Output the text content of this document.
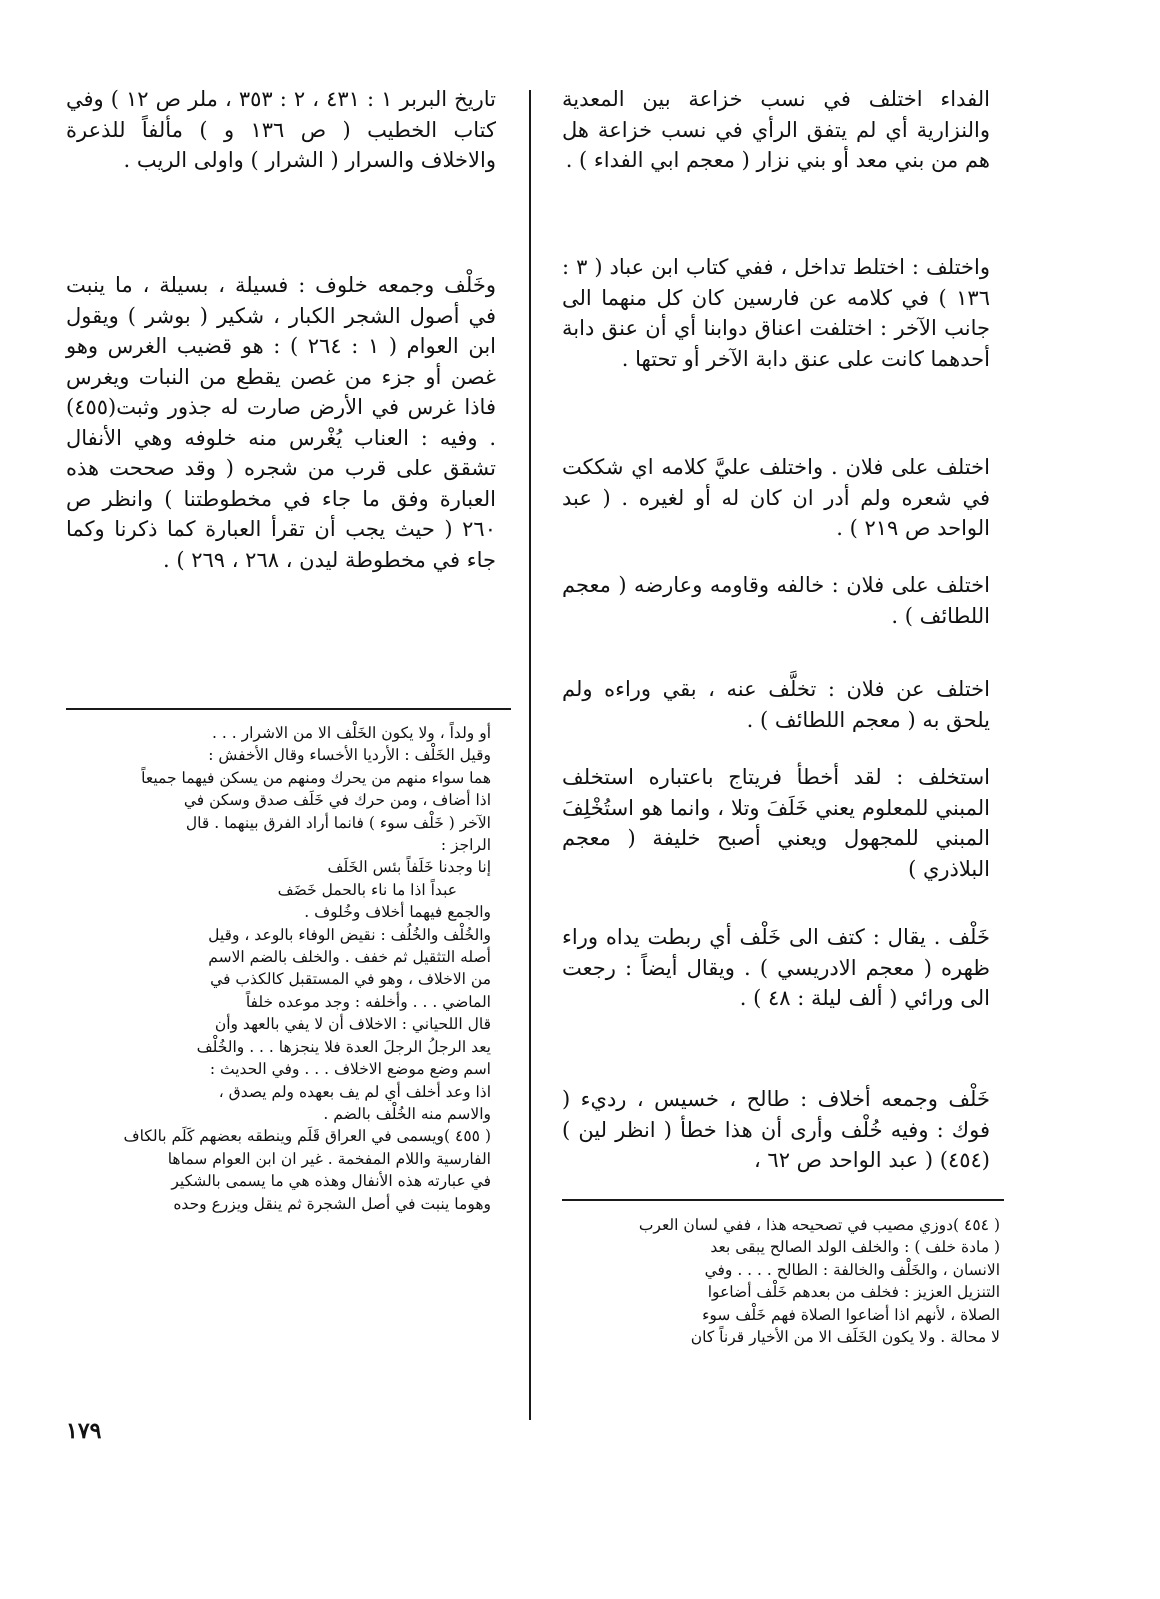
الفداء اختلف في نسب خزاعة بين المعدية والنزارية أي لم يتفق الرأي في نسب خزاعة هل هم من بني معد أو بني نزار ( معجم ابي الفداء ) .

واختلف : اختلط تداخل ، ففي كتاب ابن عباد ( ٣ : ١٣٦ ) في كلامه عن فارسين كان كل منهما الى جانب الآخر : اختلفت اعناق دوابنا أي أن عنق دابة أحدهما كانت على عنق دابة الآخر أو تحتها .

اختلف على فلان . واختلف عليَّ كلامه اي شككت في شعره ولم أدر ان كان له أو لغيره . ( عبد الواحد ص ٢١٩ ) .

اختلف على فلان : خالفه وقاومه وعارضه ( معجم اللطائف ) .

اختلف عن فلان : تخلَّف عنه ، بقي وراءه ولم يلحق به ( معجم اللطائف ) .

استخلف : لقد أخطأ فريتاج باعتباره استخلف المبني للمعلوم يعني خَلَفَ وتلا ، وانما هو استُخْلِفَ المبني للمجهول ويعني أصبح خليفة ( معجم البلاذري )

خَلْف . يقال : كتف الى خَلْف أي ربطت يداه وراء ظهره ( معجم الادريسي ) . ويقال أيضاً : رجعت الى ورائي ( ألف ليلة : ٤٨ ) .

خَلْف وجمعه أخلاف : طالح ، خسيس ، رديء ( فوك : وفيه خُلْف وأرى أن هذا خطأ ( انظر لين )(٤٥٤) ( عبد الواحد ص ٦٢ ،

تاريخ البربر ١ : ٤٣١ ، ٢ : ٣٥٣ ، ملر ص ١٢ ) وفي كتاب الخطيب ( ص ١٣٦ و ) مألفاً للذعرة والاخلاف والسرار ( الشرار ) واولى الريب .

وخَلْف وجمعه خلوف : فسيلة ، بسيلة ، ما ينبت في أصول الشجر الكبار ، شكير ( بوشر ) ويقول ابن العوام ( ١ : ٢٦٤ ) : هو قضيب الغرس وهو غصن أو جزء من غصن يقطع من النبات ويغرس فاذا غرس في الأرض صارت له جذور وثبت(٤٥٥) . وفيه : العناب يُغْرس منه خلوفه وهي الأنفال تشقق على قرب من شجره ( وقد صححت هذه العبارة وفق ما جاء في مخطوطتنا ) وانظر ص ٢٦٠ ( حيث يجب أن تقرأ العبارة كما ذكرنا وكما جاء في مخطوطة ليدن ، ٢٦٨ ، ٢٦٩ ) .

أو ولداً ، ولا يكون الخَلْف الا من الاشرار . . .

وقيل الخَلْف : الأرديا الأخساء وقال الأخفش :

هما سواء منهم من يحرك ومنهم من يسكن فيهما جميعاً

اذا أضاف ، ومن حرك في خَلَف صدق وسكن في

الآخر ( خَلْف سوء ) فانما أراد الفرق بينهما . قال

الراجز :

إنا وجدنا خَلَفاً بئس الخَلَف

عبداً اذا ما ناء بالحمل خَضَف

والجمع فيهما أخلاف وخُلوف .

والخُلْف والخُلُف : نقيض الوفاء بالوعد ، وقيل

أصله التثقيل ثم خفف . والخلف بالضم الاسم

من الاخلاف ، وهو في المستقبل كالكذب في

الماضي . . . وأخلفه : وجد موعده خلفاً

قال اللحياني : الاخلاف أن لا يفي بالعهد وأن

يعد الرجلُ الرجلَ العدة فلا ينجزها . . . والخُلْف

اسم وضع موضع الاخلاف . . . وفي الحديث :

اذا وعد أخلف أي لم يف بعهده ولم يصدق ،

والاسم منه الخُلْف بالضم .

( ٤٥٥ )ويسمى في العراق قَلَم وينطقه بعضهم كَلَم بالكاف

الفارسية واللام المفخمة . غير ان ابن العوام سماها

في عبارته هذه الأنفال وهذه هي ما يسمى بالشكير

وهوما ينبت في أصل الشجرة ثم ينقل ويزرع وحده

( ٤٥٤ )دوزي مصيب في تصحيحه هذا ، ففي لسان العرب

( مادة خلف ) : والخلف الولد الصالح يبقى بعد

الانسان ، والخَلْف والخالفة : الطالح . . . . وفي

التنزيل العزيز : فخلف من بعدهم خَلْف أضاعوا

الصلاة ، لأنهم اذا أضاعوا الصلاة فهم خَلْف سوء

لا محالة . ولا يكون الخَلَف الا من الأخيار قرناً كان

١٧٩
